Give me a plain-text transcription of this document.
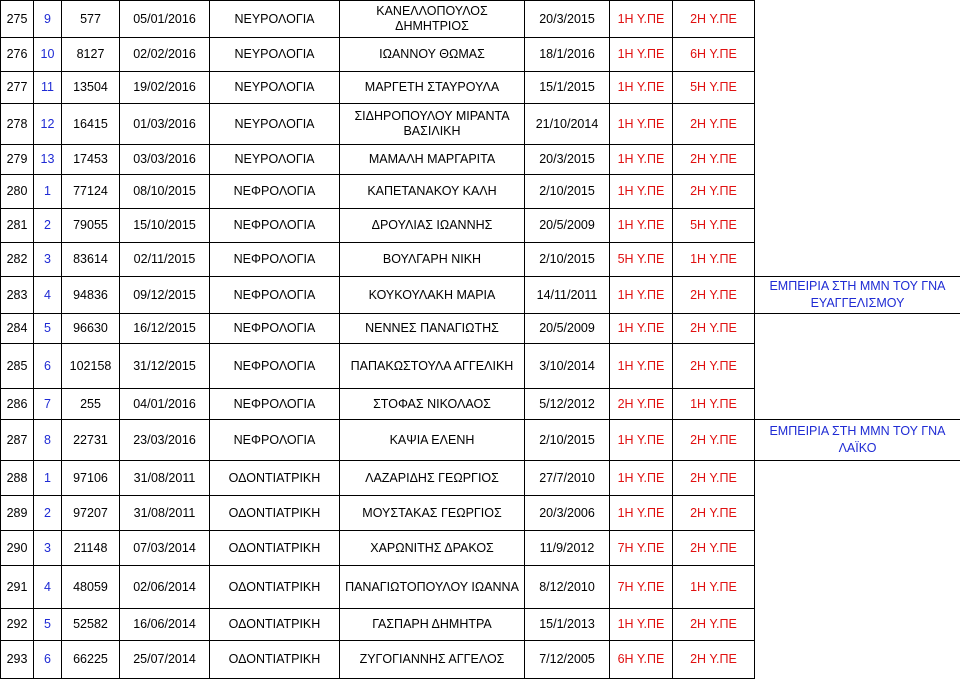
275	9	577	05/01/2016	ΝΕΥΡΟΛΟΓΙΑ	ΚΑΝΕΛΛΟΠΟΥΛΟΣ ΔΗΜΗΤΡΙΟΣ	20/3/2015	1Η Υ.ΠΕ	2Η Υ.ΠΕ	
276	10	8127	02/02/2016	ΝΕΥΡΟΛΟΓΙΑ	ΙΩΑΝΝΟΥ ΘΩΜΑΣ	18/1/2016	1Η Υ.ΠΕ	6Η Υ.ΠΕ	
277	11	13504	19/02/2016	ΝΕΥΡΟΛΟΓΙΑ	ΜΑΡΓΕΤΗ ΣΤΑΥΡΟΥΛΑ	15/1/2015	1Η Υ.ΠΕ	5Η Υ.ΠΕ	
278	12	16415	01/03/2016	ΝΕΥΡΟΛΟΓΙΑ	ΣΙΔΗΡΟΠΟΥΛΟΥ ΜΙΡΑΝΤΑ ΒΑΣΙΛΙΚΗ	21/10/2014	1Η Υ.ΠΕ	2Η Υ.ΠΕ	
279	13	17453	03/03/2016	ΝΕΥΡΟΛΟΓΙΑ	ΜΑΜΑΛΗ ΜΑΡΓΑΡΙΤΑ	20/3/2015	1Η Υ.ΠΕ	2Η Υ.ΠΕ	
280	1	77124	08/10/2015	ΝΕΦΡΟΛΟΓΙΑ	ΚΑΠΕΤΑΝΑΚΟΥ ΚΑΛΗ	2/10/2015	1Η Υ.ΠΕ	2Η Υ.ΠΕ	
281	2	79055	15/10/2015	ΝΕΦΡΟΛΟΓΙΑ	ΔΡΟΥΛΙΑΣ ΙΩΑΝΝΗΣ	20/5/2009	1Η Υ.ΠΕ	5Η Υ.ΠΕ	
282	3	83614	02/11/2015	ΝΕΦΡΟΛΟΓΙΑ	ΒΟΥΛΓΑΡΗ ΝΙΚΗ	2/10/2015	5Η Υ.ΠΕ	1Η Υ.ΠΕ	
283	4	94836	09/12/2015	ΝΕΦΡΟΛΟΓΙΑ	ΚΟΥΚΟΥΛΑΚΗ ΜΑΡΙΑ	14/11/2011	1Η Υ.ΠΕ	2Η Υ.ΠΕ	ΕΜΠΕΙΡΙΑ ΣΤΗ ΜΜΝ ΤΟΥ ΓΝΑ ΕΥΑΓΓΕΛΙΣΜΟΥ
284	5	96630	16/12/2015	ΝΕΦΡΟΛΟΓΙΑ	ΝΕΝΝΕΣ ΠΑΝΑΓΙΩΤΗΣ	20/5/2009	1Η Υ.ΠΕ	2Η Υ.ΠΕ	
285	6	102158	31/12/2015	ΝΕΦΡΟΛΟΓΙΑ	ΠΑΠΑΚΩΣΤΟΥΛΑ ΑΓΓΕΛΙΚΗ	3/10/2014	1Η Υ.ΠΕ	2Η Υ.ΠΕ	
286	7	255	04/01/2016	ΝΕΦΡΟΛΟΓΙΑ	ΣΤΟΦΑΣ ΝΙΚΟΛΑΟΣ	5/12/2012	2Η Υ.ΠΕ	1Η Υ.ΠΕ	
287	8	22731	23/03/2016	ΝΕΦΡΟΛΟΓΙΑ	ΚΑΨΙΑ ΕΛΕΝΗ	2/10/2015	1Η Υ.ΠΕ	2Η Υ.ΠΕ	ΕΜΠΕΙΡΙΑ ΣΤΗ ΜΜΝ ΤΟΥ ΓΝΑ ΛΑΪΚΟ
288	1	97106	31/08/2011	ΟΔΟΝΤΙΑΤΡΙΚΗ	ΛΑΖΑΡΙΔΗΣ ΓΕΩΡΓΙΟΣ	27/7/2010	1Η Υ.ΠΕ	2Η Υ.ΠΕ	
289	2	97207	31/08/2011	ΟΔΟΝΤΙΑΤΡΙΚΗ	ΜΟΥΣΤΑΚΑΣ ΓΕΩΡΓΙΟΣ	20/3/2006	1Η Υ.ΠΕ	2Η Υ.ΠΕ	
290	3	21148	07/03/2014	ΟΔΟΝΤΙΑΤΡΙΚΗ	ΧΑΡΩΝΙΤΗΣ ΔΡΑΚΟΣ	11/9/2012	7Η Υ.ΠΕ	2Η Υ.ΠΕ	
291	4	48059	02/06/2014	ΟΔΟΝΤΙΑΤΡΙΚΗ	ΠΑΝΑΓΙΩΤΟΠΟΥΛΟΥ ΙΩΑΝΝΑ	8/12/2010	7Η Υ.ΠΕ	1Η Υ.ΠΕ	
292	5	52582	16/06/2014	ΟΔΟΝΤΙΑΤΡΙΚΗ	ΓΑΣΠΑΡΗ ΔΗΜΗΤΡΑ	15/1/2013	1Η Υ.ΠΕ	2Η Υ.ΠΕ	
293	6	66225	25/07/2014	ΟΔΟΝΤΙΑΤΡΙΚΗ	ΖΥΓΟΓΙΑΝΝΗΣ ΑΓΓΕΛΟΣ	7/12/2005	6Η Υ.ΠΕ	2Η Υ.ΠΕ	
